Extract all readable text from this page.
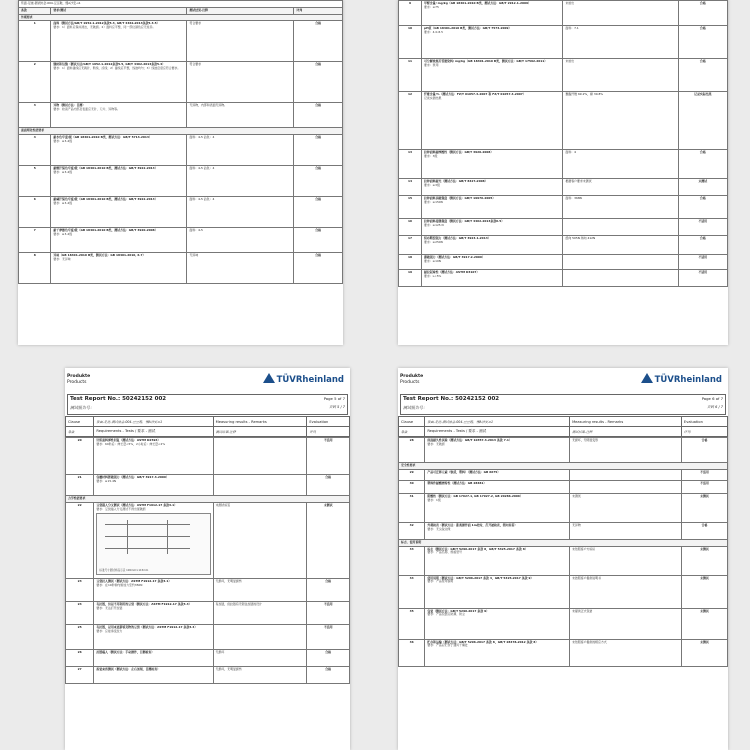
浆面-足迹-测试协会-004-豆豆鞋，慢A沙安-v1			
条款	要求/测试	测试结果-注释	评判
外观要求			
1	面料（测试方法/GB/T 1952.1-2012条款5.3, GB/T 4462-2013条款5.3.5）
要求：1）面料应保持清洁，无破损。2）面料应平整，同一部位颜色应无差异。	符合要求	合格
2	缝纫和包缝（测试方法/GB/T 1952.1-2012条款5.5, GB/T 4462-2013条款5.4）
要求：1）面料缝线应无跳针、断线、浮线；2）缝线应平整，线迹均匀；3）线迹密度应符合要求。	符合要求	合格
3	异物（测试方法：目测）
要求：检查产品内部及表面应无针、刀片、异物等。	无异物，内部和表面无异物。	合格
面面理化性能要求			
4	耐水色牢度/级（GB 18401-2010 B类，测试方法：GB/T 5713-2013）
要求：≥3-4级	面料：4-5 沾色：4	合格
5	耐酸汗渍色牢度/级（GB 18401-2010 B类，测试方法：GB/T 3922-2013）
要求：≥3-4级	面料：4-5 沾色：4	合格
6	耐碱汗渍色牢度/级（GB 18401-2010 B类，测试方法：GB/T 3922-2013）
要求：≥3-4级	面料：4-5 沾色：4	合格
7	耐干摩擦色牢度/级（GB 18401-2010 B类，测试方法：GB/T 3920-2008）
要求：≥3-4级	面料：4-5	合格
8	异味（GB 18401-2010 B类，测试方法：GB 18401-2010, 6.7）
要求：无异味	无异味	合格
9	甲醛含量/ mg/kg（GB 18401-2010 B类，测试方法：GB/T 2912.1-2009）
要求：≤75	未检出	合格
10	pH值（GB 18401-2010 B类，测试方法：GB/T 7573-2009）
要求：4.0-8.5	面料：7.1	合格
11	可分解致癌芳香胺染料/ mg/kg（GB 18401-2010 B类，测试方法：GB/T 17592-2011）
要求：禁用	未检出	合格
12	纤维含量/%（测试方法：FZ/T 01057.3-2007 和 FZ/T 01057.4-2007）
记录实测结果	聚酯纤维 69.2%，棉 30.8%	记录实际结果
13	拉伸面料耐摩擦性（测试方法：GB/T 3920-2008）
要求：3级	面料：4	合格
14	拉伸面料耐光（测试方法：GB/T 8427-2008）
要求：≥3级	根据客户要求未测试	未测试
15	拉伸面料顶破强度（测试方法：GB/T 19976-2005）
要求：≥150N	面料：368N	合格
16	拉伸面料接缝强度（测试方法：GB/T 4462-2013条款6.5）
要求：≥125 N		不适用
17	织布断裂强力（测试方法：GB/T 3923.1-2013）
要求：≥250N	经向 505N 纬向 412N	合格
18	撕破强力（测试方法：GB/T 3917.2-2009）
要求：≥10N		不适用
19	耐拉起球性（测试方法：ASTM D3107）
要求：L<5%		不适用
Produkte
Products	TÜVRheinland
Test Report No.: 50242152 002
测试报告号：
Page 5 of 7
页码 5 / 7
Clause	浆面-足迹-测试协会-004-豆豆鞋，慢A沙安-v1	Measuring results - Remarks	Evaluation
条款	Requirements - Tests / 要求 - 测试	测试结果-注释	评判
20	针织面料弹性回复（测试方法：ASTM D2594）
要求：60秒后：伸长量<5%，2小时后：伸长量<2%		不适用
21	包覆材料胀破强力（测试方法：GB/T 3917.3-2009）
要求：≥15.4N		合格
力学性能要求			
22	豆袋插入分叉测试（测试方法：ASTM F1912-17 条款3.1）
要求：豆袋插入分叉测试不得出现破损
标准尺寸测试样品示意 100mm×115mm	未测试标签	未测试
23	豆袋拉入测试（测试方法：ASTM F1912-17 条款3.1）
要求：在10秒钟内施加力至约350N	无损坏，无明显损伤	合格
24	有拉链，但是不用利用的豆袋（测试方法：ASTM F1912-17 条款3.3）
要求：无法打开拉链	有拉链，但拉链有无锁住拉链的设计	不适用
25	有拉链，是用来更新填充物的豆袋（测试方法：ASTM F1912-17 条款3.4）
要求：应能承受拉力		不适用
26	拉链端入（测试方法：手动操作，目测检查）	无损坏	合格
27	拆装来客测试（测试方法：左右加剂，目测检查）	无损坏，无明显损伤	合格
Produkte
Products	TÜVRheinland
Test Report No.: 50242152 002
测试报告号：
Page 6 of 7
页码 6 / 7
Clause	浆面-足迹-测试协会-004-豆豆鞋，慢A沙安-v1	Measuring results - Remarks	Evaluation
条款	Requirements - Tests / 要求 - 测试	测试结果-注释	评判
28	座面耐久性试验（测试方法：GB/T 10357.3-2013 条款 7.1）
要求：无破损	无损坏，无明显变形	合格
安全性要求			
29	产品可迁移元素（软质，塑料）（测试方法：GB 6675）		不适用
30	塑料件耐燃烧特性（测试方法：GB 28481）		不适用
31	阻燃性（测试方法：GB 17927.1, GB 17927.2, GB 20286-2006）
要求：1级	未测试	未测试
32	外观检查（测试方法：距离操作面 1m处时，打开被检查，绕向查看）
要求：无尖锐边缘	无异物	合格
标志、使用说明			
33	标志（测试方法：GB/T 5296-2017 条款 8，GB/T 5325-2017 条款 8）
要求：产品名称、规格型号	未依照客户方标识	未测试
34	使用说明（测试方法：GB/T 5296-2017 条款 4，GB/T 5325-2017 条款 9）
要求：产品使用说明	未按照客户提供说明书	未测试
35	包装（测试方法：GB/T 5296-2017 条款 9）
要求：产品包装应防潮、防尘	未提供正式包装	未测试
36	贮存和运输（测试方法：GB/T 5296-2017 条款 8，GB/T 28478-2012 条款 8）
要求：产品应贮存于通风干燥处	未依照客户提供的相应方式	未测试
